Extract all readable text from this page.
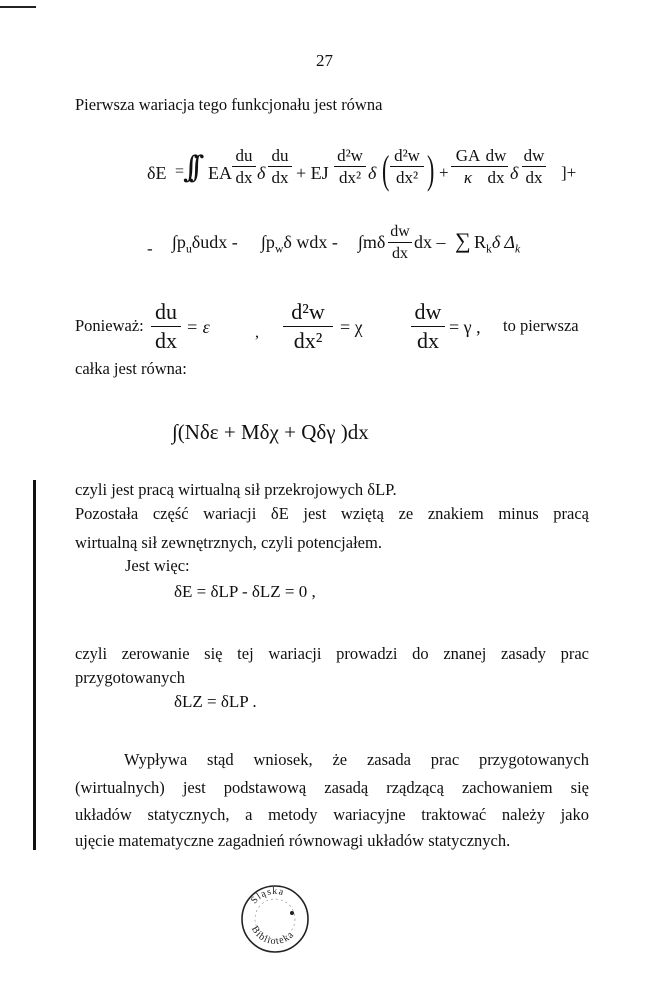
27
Pierwsza wariacja tego funkcjonału jest równa
δE =
∫∫ EA
du
dx δ
du
dx + EJ
d²w
dx² δ ( d²w
dx² ) +
GA
κ
dw
dx δ
dw
dx ]+
- $\int p_u\delta udx - \int p_w\delta$ wdx - ∫mδ
dw
dx
dx – ∑ $R_k\delta$ $\Delta_k$
Ponieważ:
du
dx
= ε	,
d²w
dx²
= χ
dw
dx
= γ , to pierwsza
całka jest równa:
∫(Nδε + Mδχ + Qδγ )dx
czyli jest pracą wirtualną sił przekrojowych δLP.
Pozostała część wariacji δE jest wziętą ze znakiem minus pracą
wirtualną sił zewnętrznych, czyli potencjałem.
Jest więc:
δE = δLP - δLZ = 0 ,
czyli zerowanie się tej wariacji prowadzi do znanej zasady prac
przygotowanych
δLZ = δLP .
Wypływa stąd wniosek, że zasada prac przygotowanych
(wirtualnych) jest podstawową zasadą rządzącą zachowaniem się
układów statycznych, a metody wariacyjne traktować należy jako
ujęcie matematyczne zagadnień równowagi układów statycznych.
Śląska
Biblioteka
